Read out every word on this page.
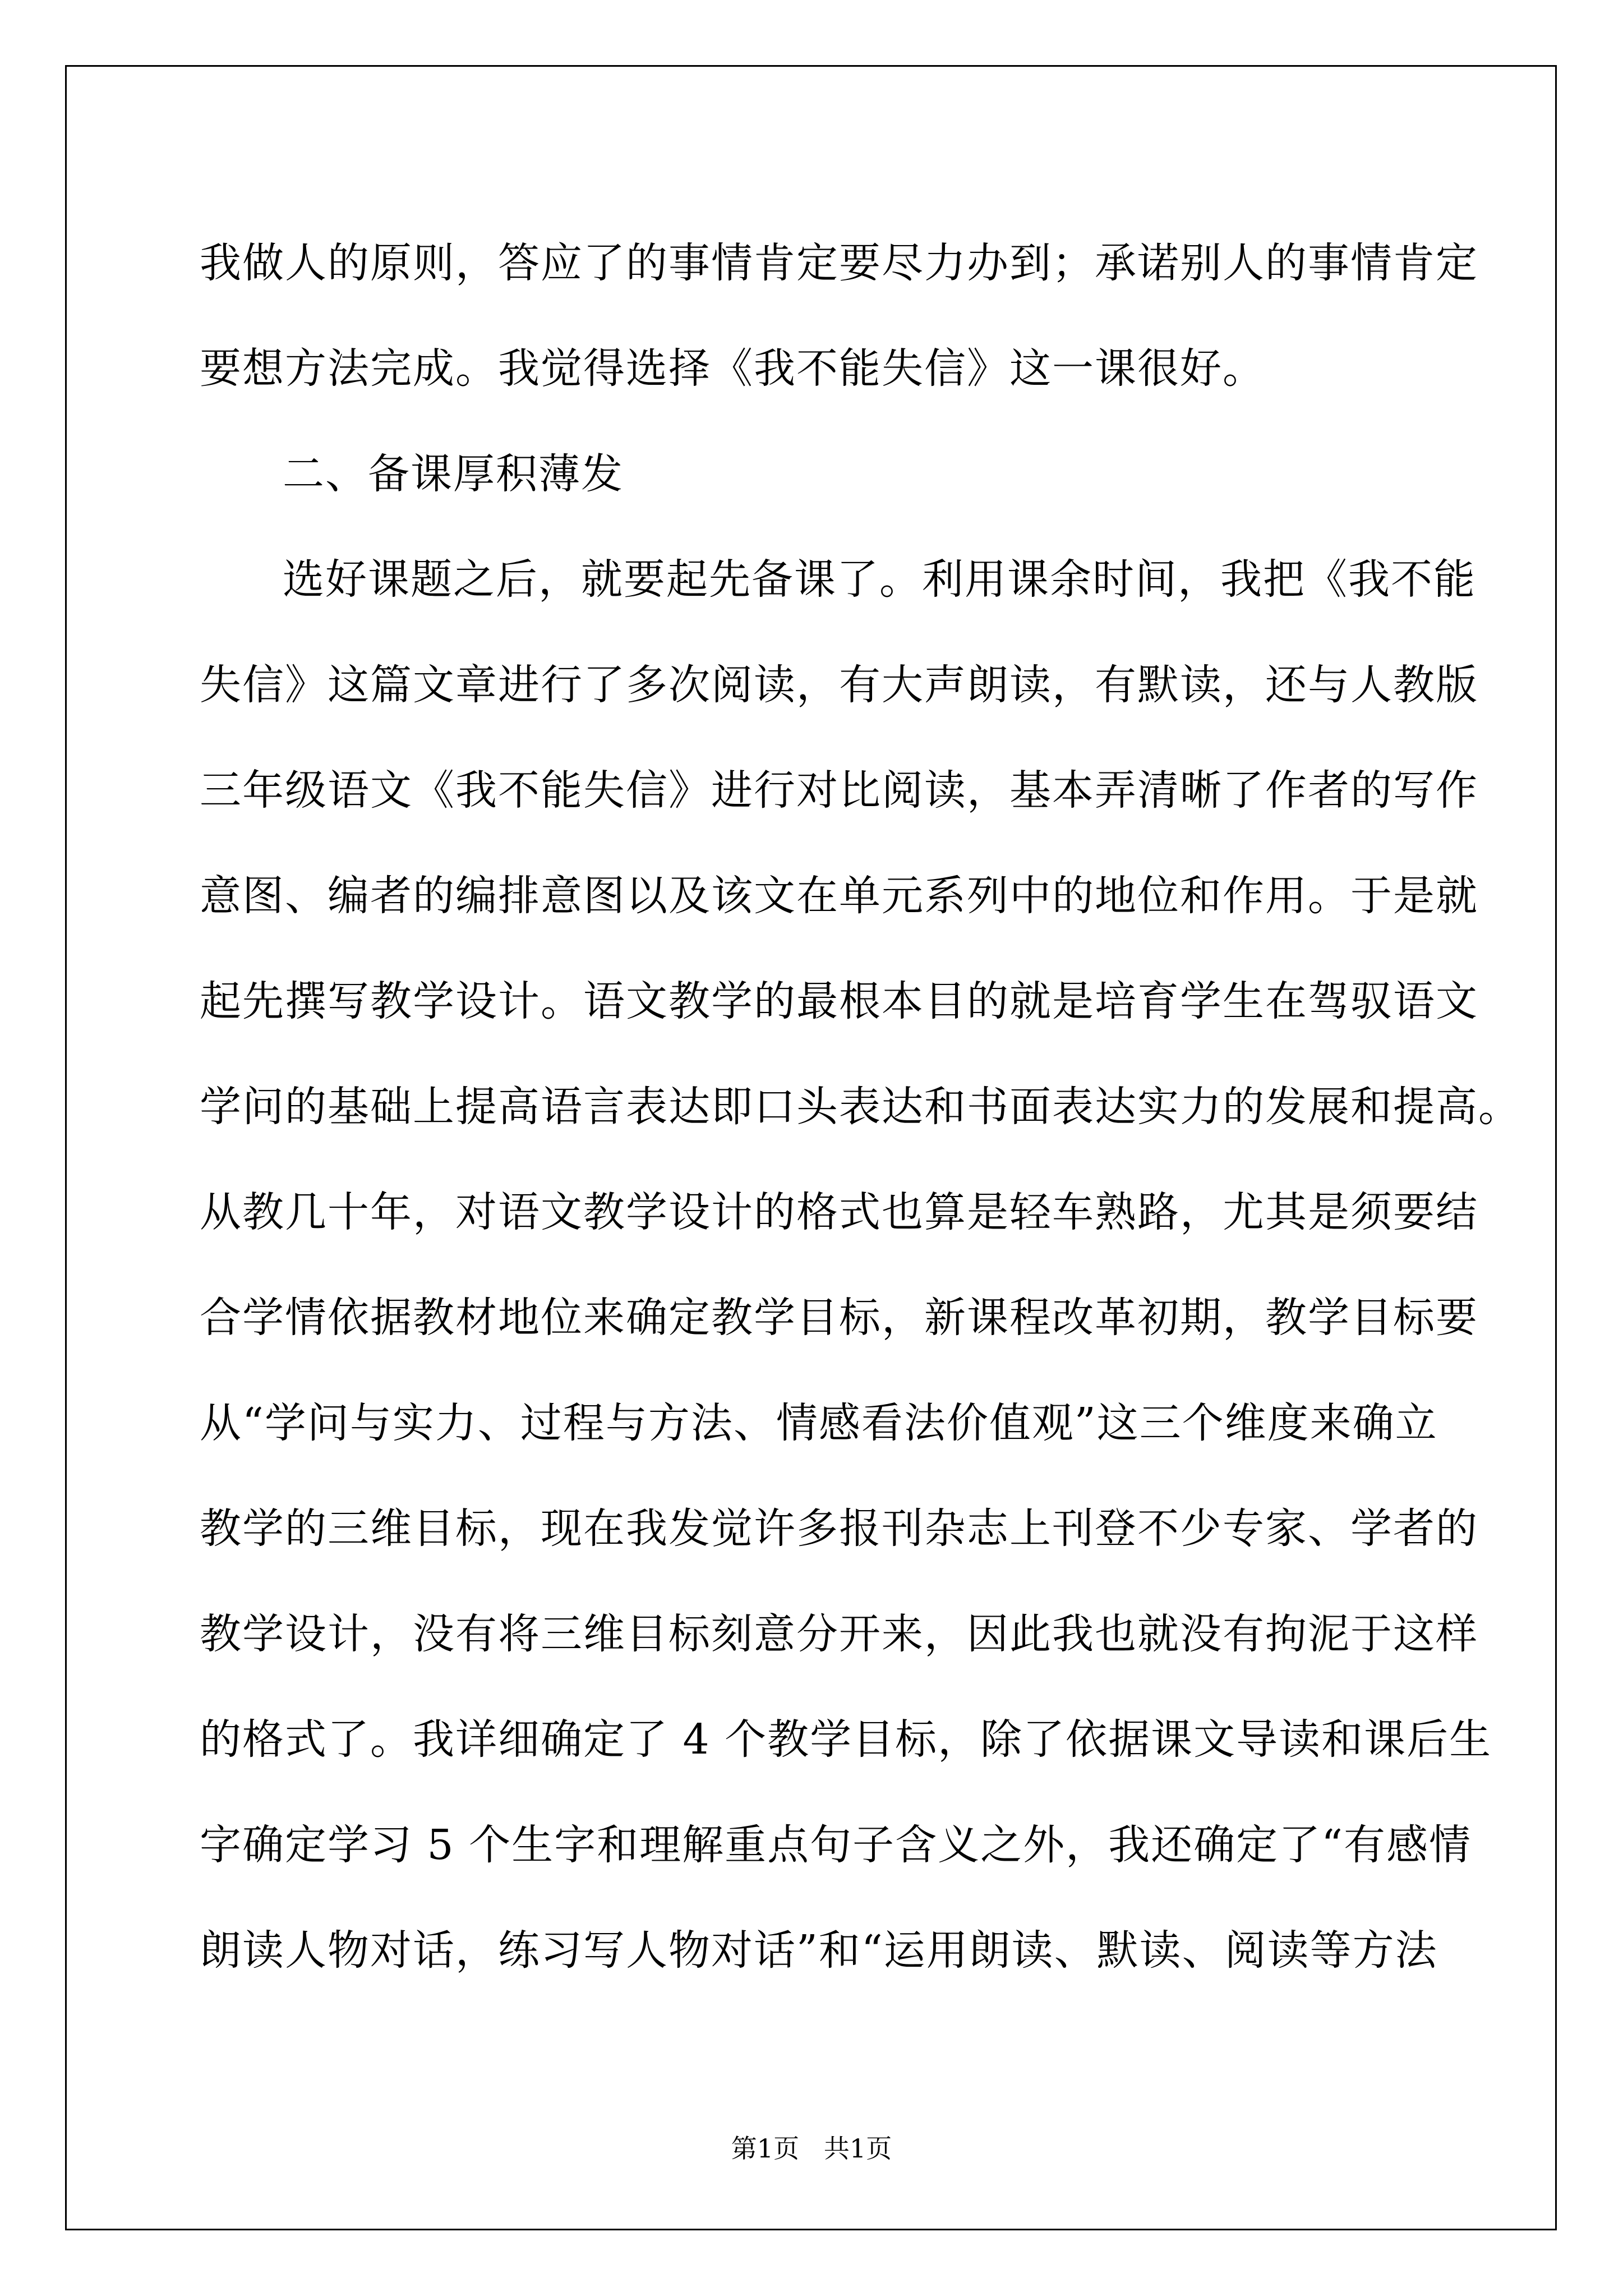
我做人的原则，答应了的事情肯定要尽力办到；承诺别人的事情肯定
要想方法完成。我觉得选择《我不能失信》这一课很好。
二、备课厚积薄发
选好课题之后，就要起先备课了。利用课余时间，我把《我不能
失信》这篇文章进行了多次阅读，有大声朗读，有默读，还与人教版
三年级语文《我不能失信》进行对比阅读，基本弄清晰了作者的写作
意图、编者的编排意图以及该文在单元系列中的地位和作用。于是就
起先撰写教学设计。语文教学的最根本目的就是培育学生在驾驭语文
学问的基础上提高语言表达即口头表达和书面表达实力的发展和提高。
从教几十年，对语文教学设计的格式也算是轻车熟路，尤其是须要结
合学情依据教材地位来确定教学目标，新课程改革初期，教学目标要
从“学问与实力、过程与方法、情感看法价值观”这三个维度来确立
教学的三维目标，现在我发觉许多报刊杂志上刊登不少专家、学者的
教学设计，没有将三维目标刻意分开来，因此我也就没有拘泥于这样
的格式了。我详细确定了 4 个教学目标，除了依据课文导读和课后生
字确定学习 5 个生字和理解重点句子含义之外，我还确定了“有感情
朗读人物对话，练习写人物对话”和“运用朗读、默读、阅读等方法
第1页   共1页
